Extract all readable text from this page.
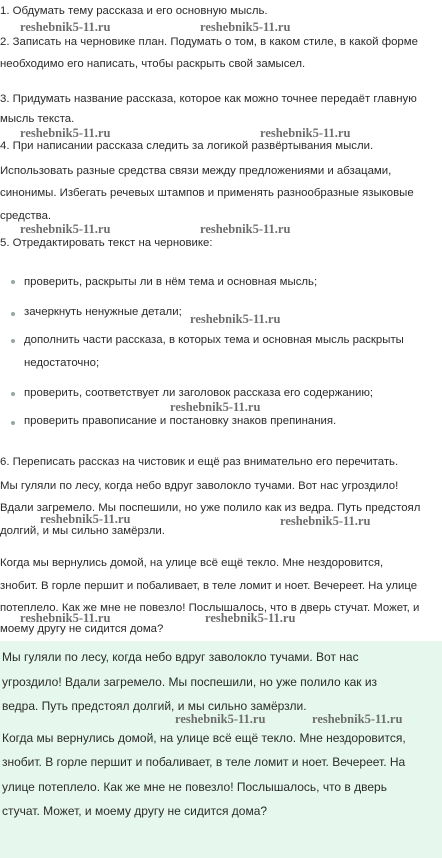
1. Обдумать тему рассказа и его основную мысль.
2. Записать на черновике план. Подумать о том, в каком стиле, в какой форме
необходимо его написать, чтобы раскрыть свой замысел.
3. Придумать название рассказа, которое как можно точнее передаёт главную
мысль текста.
4. При написании рассказа следить за логикой развёртывания мысли.
Использовать разные средства связи между предложениями и абзацами,
синонимы. Избегать речевых штампов и применять разнообразные языковые
средства.
5. Отредактировать текст на черновике:
проверить, раскрыты ли в нём тема и основная мысль;
зачеркнуть ненужные детали;
дополнить части рассказа, в которых тема и основная мысль раскрыты
недостаточно;
проверить, соответствует ли заголовок рассказа его содержанию;
проверить правописание и постановку знаков препинания.
6. Переписать рассказ на чистовик и ещё раз внимательно его перечитать.
Мы гуляли по лесу, когда небо вдруг заволокло тучами. Вот нас угроздило!
Вдали загремело. Мы поспешили, но уже полило как из ведра. Путь предстоял
долгий, и мы сильно замёрзли.
Когда мы вернулись домой, на улице всё ещё текло. Мне нездоровится,
знобит. В горле першит и побаливает, в теле ломит и ноет. Вечереет. На улице
потеплело. Как же мне не повезло! Послышалось, что в дверь стучат. Может, и
моему другу не сидится дома?
Мы гуляли по лесу, когда небо вдруг заволокло тучами. Вот нас
угроздило! Вдали загремело. Мы поспешили, но уже полило как из
ведра. Путь предстоял долгий, и мы сильно замёрзли.
Когда мы вернулись домой, на улице всё ещё текло. Мне нездоровится,
знобит. В горле першит и побаливает, в теле ломит и ноет. Вечереет. На
улице потеплело. Как же мне не повезло! Послышалось, что в дверь
стучат. Может, и моему другу не сидится дома?
reshebnik5-11.ru	reshebnik5-11.ru
reshebnik5-11.ru	reshebnik5-11.ru
reshebnik5-11.ru	reshebnik5-11.ru
reshebnik5-11.ru
reshebnik5-11.ru
reshebnik5-11.ru	reshebnik5-11.ru
reshebnik5-11.ru	reshebnik5-11.ru
reshebnik5-11.ru	reshebnik5-11.ru
